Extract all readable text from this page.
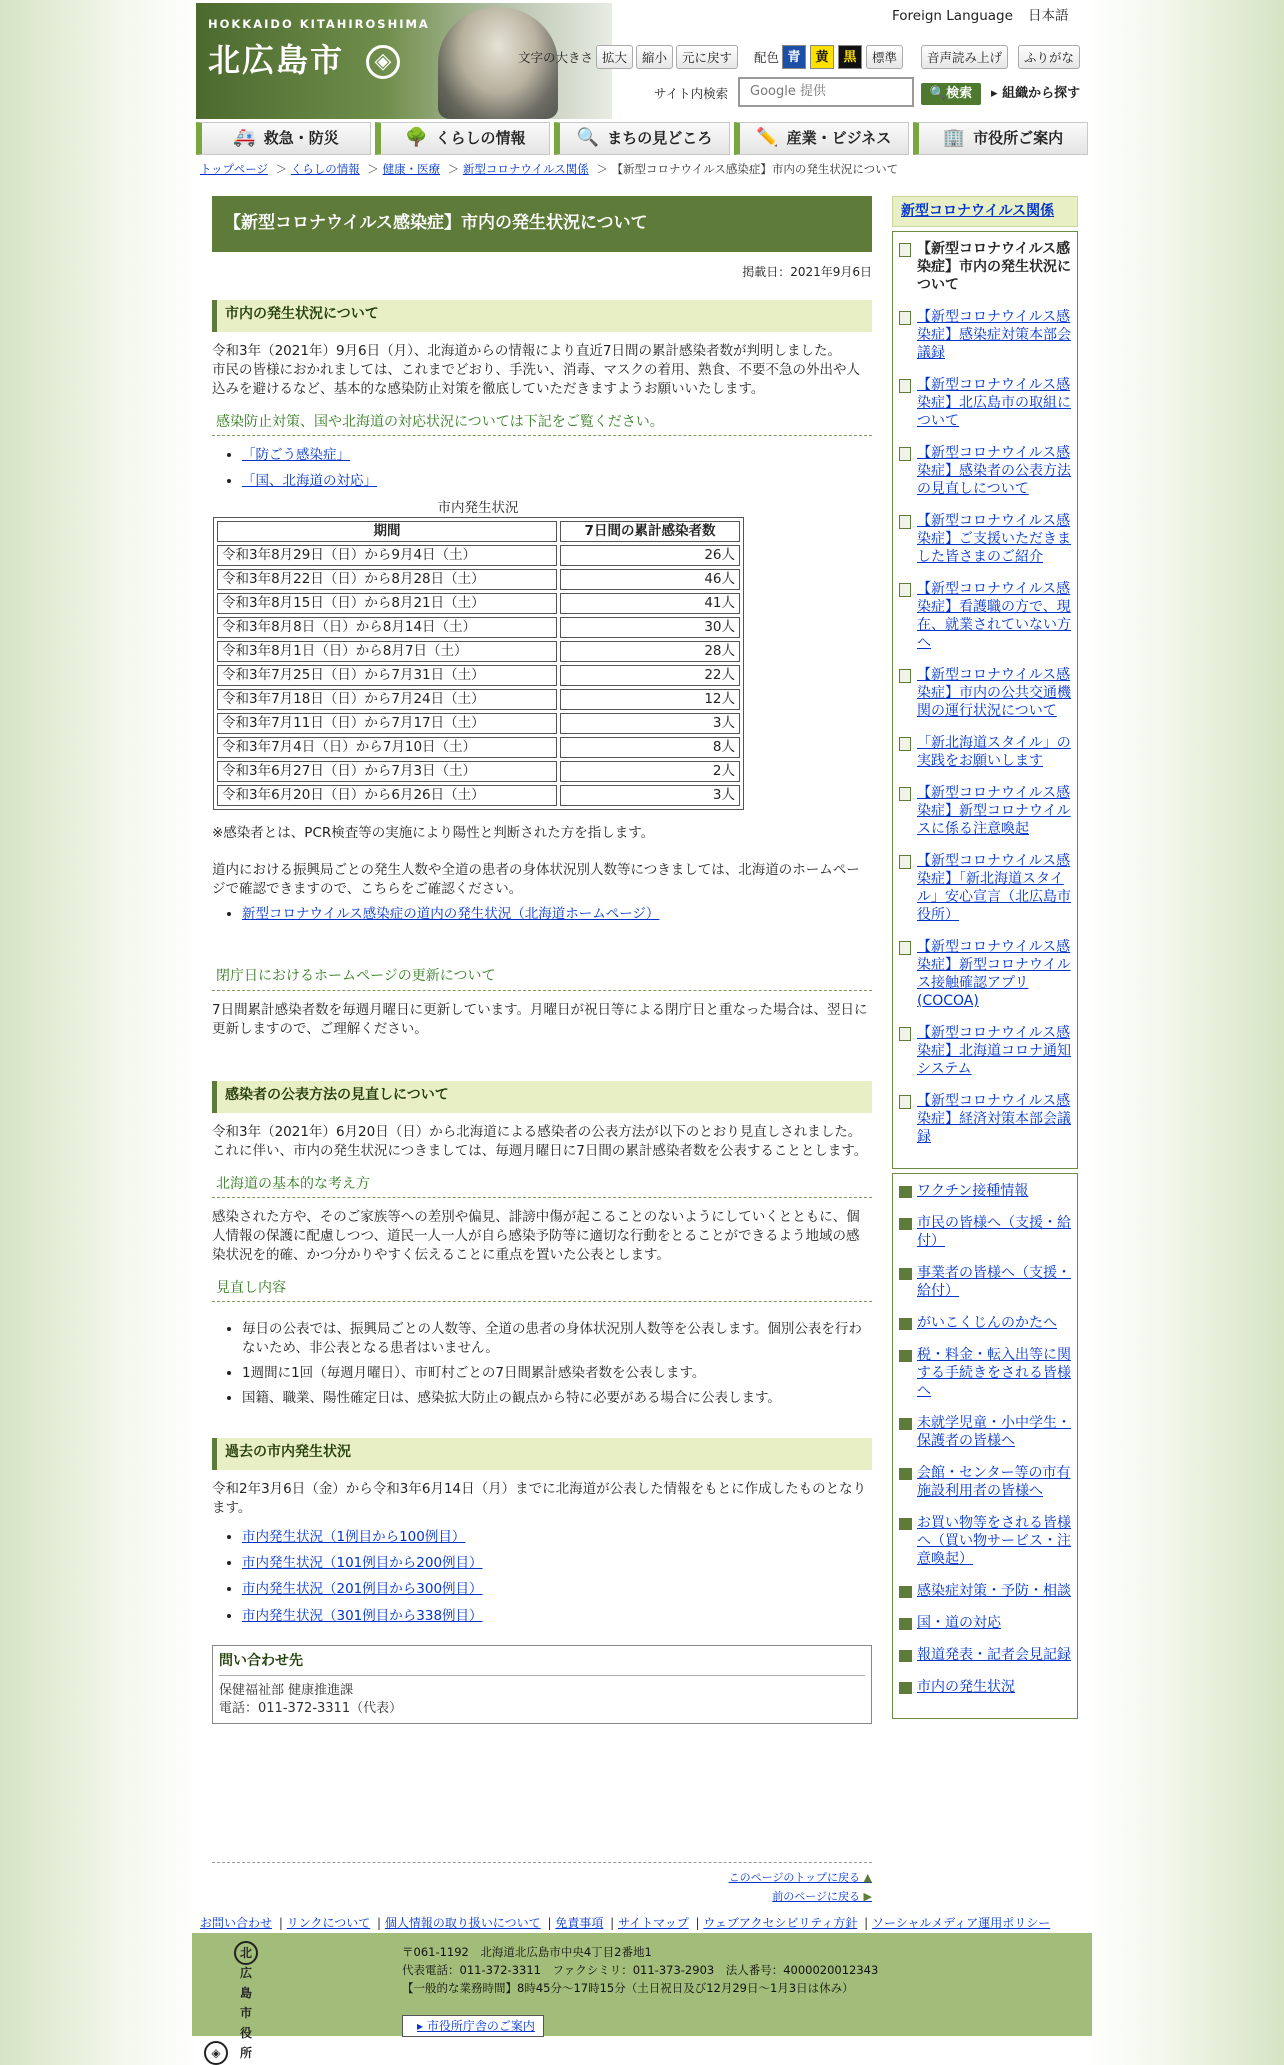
HOKKAIDO KITAHIROSHIMA
北広島市	◈
Foreign Language 日本語
文字の大きさ 拡大	縮小	元に戻す	配色 青	黄	黒	標準	音声読み上げ	ふりがな
サイト内検索	Google 提供	🔍検索	▸ 組織から探す
🚑 救急・防災	🌳 くらしの情報	🔍 まちの見どころ ✏️ 産業・ビジネス	🏢 市役所ご案内
トップページ ＞ くらしの情報 ＞ 健康・医療 ＞ 新型コロナウイルス関係 ＞ 【新型コロナウイルス感染症】市内の発生状況について
【新型コロナウイルス感染症】市内の発生状況について
掲載日：2021年9月6日
市内の発生状況について

令和3年（2021年）9月6日（月）、北海道からの情報により直近7日間の累計感染者数が判明しました。
市民の皆様におかれましては、これまでどおり、手洗い、消毒、マスクの着用、熟食、不要不急の外出や人込みを避けるなど、基本的な感染防止対策を徹底していただきますようお願いいたします。

感染防止対策、国や北海道の対応状況については下記をご覧ください。
• 「防ごう感染症」
• 「国、北海道の対応」
市内発生状況
期間	7日間の累計感染者数
令和3年8月29日（日）から9月4日（土）	26人
令和3年8月22日（日）から8月28日（土）	46人
令和3年8月15日（日）から8月21日（土）	41人
令和3年8月8日（日）から8月14日（土）	30人
令和3年8月1日（日）から8月7日（土）	28人
令和3年7月25日（日）から7月31日（土）	22人
令和3年7月18日（日）から7月24日（土）	12人
令和3年7月11日（日）から7月17日（土）	3人
令和3年7月4日（日）から7月10日（土）	8人
令和3年6月27日（日）から7月3日（土）	2人
令和3年6月20日（日）から6月26日（土）	3人

※感染者とは、PCR検査等の実施により陽性と判断された方を指します。

道内における振興局ごとの発生人数や全道の患者の身体状況別人数等につきましては、北海道のホームページで確認できますので、こちらをご確認ください。

• 新型コロナウイルス感染症の道内の発生状況（北海道ホームページ）
閉庁日におけるホームページの更新について

7日間累計感染者数を毎週月曜日に更新しています。月曜日が祝日等による閉庁日と重なった場合は、翌日に更新しますので、ご理解ください。

感染者の公表方法の見直しについて

令和3年（2021年）6月20日（日）から北海道による感染者の公表方法が以下のとおり見直しされました。これに伴い、市内の発生状況につきましては、毎週月曜日に7日間の累計感染者数を公表することとします。

北海道の基本的な考え方

感染された方や、そのご家族等への差別や偏見、誹謗中傷が起こることのないようにしていくとともに、個人情報の保護に配慮しつつ、道民一人一人が自ら感染予防等に適切な行動をとることができるよう地域の感染状況を的確、かつ分かりやすく伝えることに重点を置いた公表とします。

見直し内容
• 毎日の公表では、振興局ごとの人数等、全道の患者の身体状況別人数等を公表します。個別公表を行わないため、非公表となる患者はいません。
• 1週間に1回（毎週月曜日）、市町村ごとの7日間累計感染者数を公表します。
• 国籍、職業、陽性確定日は、感染拡大防止の観点から特に必要がある場合に公表します。
過去の市内発生状況

令和2年3月6日（金）から令和3年6月14日（月）までに北海道が公表した情報をもとに作成したものとなります。

• 市内発生状況（1例目から100例目）
• 市内発生状況（101例目から200例目）
• 市内発生状況（201例目から300例目）
• 市内発生状況（301例目から338例目）
問い合わせ先

保健福祉部 健康推進課

電話：011-372-3311（代表）

このページのトップに戻る ▲
前のページに戻る ▶
新型コロナウイルス関係
【新型コロナウイルス感染症】市内の発生状況について
【新型コロナウイルス感染症】感染症対策本部会議録
【新型コロナウイルス感染症】北広島市の取組について
【新型コロナウイルス感染症】感染者の公表方法の見直しについて
【新型コロナウイルス感染症】ご支援いただきました皆さまのご紹介
【新型コロナウイルス感染症】看護職の方で、現在、就業されていない方へ
【新型コロナウイルス感染症】市内の公共交通機関の運行状況について
「新北海道スタイル」の実践をお願いします
【新型コロナウイルス感染症】新型コロナウイルスに係る注意喚起
【新型コロナウイルス感染症】「新北海道スタイル」安心宣言（北広島市役所）
【新型コロナウイルス感染症】新型コロナウイルス接触確認アプリ(COCOA)
【新型コロナウイルス感染症】北海道コロナ通知システム
【新型コロナウイルス感染症】経済対策本部会議録
ワクチン接種情報
市民の皆様へ（支援・給付）
事業者の皆様へ（支援・給付）
がいこくじんのかたへ
税・料金・転入出等に関する手続きをされる皆様へ
未就学児童・小中学生・保護者の皆様へ
会館・センター等の市有施設利用者の皆様へ
お買い物等をされる皆様へ（買い物サービス・注意喚起）
感染症対策・予防・相談
国・道の対応
報道発表・記者会見記録
市内の発生状況
お問い合わせ | リンクについて | 個人情報の取り扱いについて | 免責事項 | サイトマップ | ウェブアクセシビリティ方針 | ソーシャルメディア運用ポリシー
◈北広島市役所
〒061-1192　北海道北広島市中央4丁目2番地1
代表電話：011-372-3311　ファクシミリ：011-373-2903　法人番号：4000020012343
【一般的な業務時間】8時45分～17時15分（土日祝日及び12月29日～1月3日は休み）
▸ 市役所庁舎のご案内
